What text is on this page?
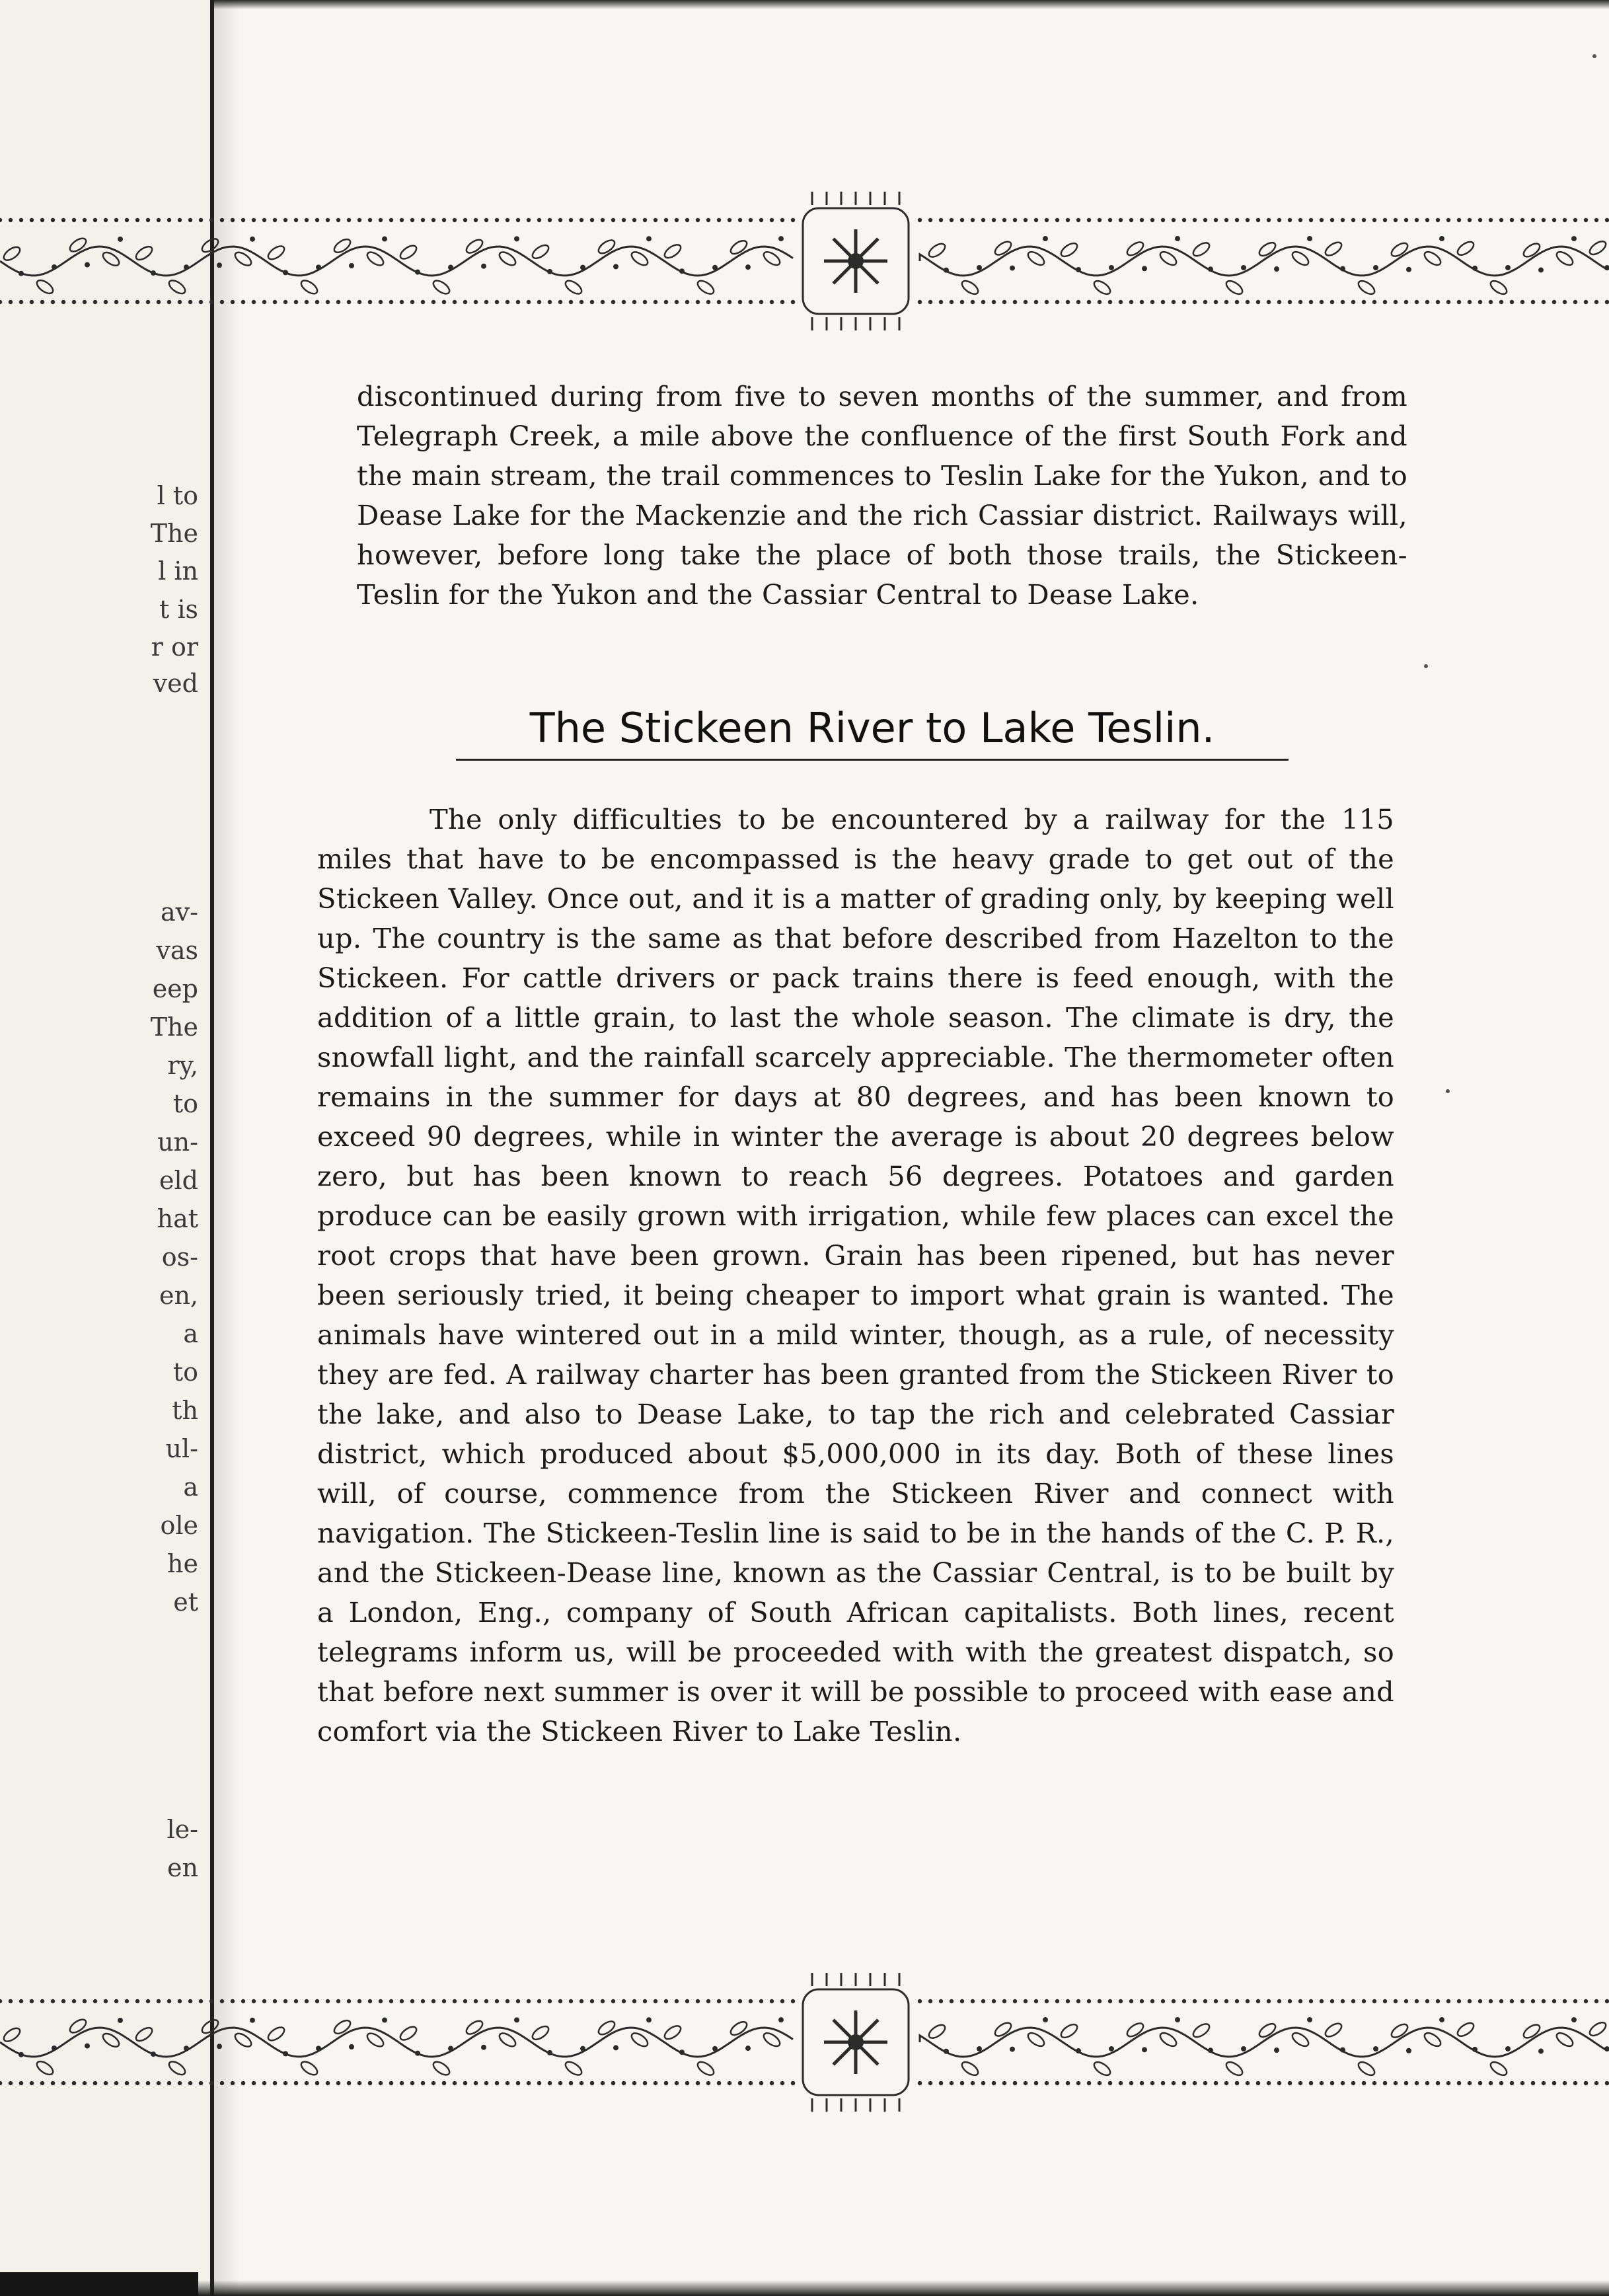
l to
The
l in
t is
r or
ved
av-
vas
eep
The
ry,
to
un-
eld
hat
os-
en,
a
to
th
ul-
a
ole
he
et
le-
en

discontinued during from five to seven months of the summer, and from Telegraph Creek, a mile above the confluence of the first South Fork and the main stream, the trail commences to Teslin Lake for the Yukon, and to Dease Lake for the Mackenzie and the rich Cassiar district. Railways will, however, before long take the place of both those trails, the Stickeen-Teslin for the Yukon and the Cassiar Central to Dease Lake.

The Stickeen River to Lake Teslin.

The only difficulties to be encountered by a railway for the 115 miles that have to be encompassed is the heavy grade to get out of the Stickeen Valley. Once out, and it is a matter of grading only, by keeping well up. The country is the same as that before described from Hazelton to the Stickeen. For cattle drivers or pack trains there is feed enough, with the addition of a little grain, to last the whole season. The climate is dry, the snowfall light, and the rainfall scarcely appreciable. The thermometer often remains in the summer for days at 80 degrees, and has been known to exceed 90 degrees, while in winter the average is about 20 degrees below zero, but has been known to reach 56 degrees. Potatoes and garden produce can be easily grown with irrigation, while few places can excel the root crops that have been grown. Grain has been ripened, but has never been seriously tried, it being cheaper to import what grain is wanted. The animals have wintered out in a mild winter, though, as a rule, of necessity they are fed. A railway charter has been granted from the Stickeen River to the lake, and also to Dease Lake, to tap the rich and celebrated Cassiar district, which produced about $5,000,000 in its day. Both of these lines will, of course, commence from the Stickeen River and connect with navigation. The Stickeen-Teslin line is said to be in the hands of the C. P. R., and the Stickeen-Dease line, known as the Cassiar Central, is to be built by a London, Eng., company of South African capitalists. Both lines, recent telegrams inform us, will be proceeded with with the greatest dispatch, so that before next summer is over it will be possible to proceed with ease and comfort via the Stickeen River to Lake Teslin.
